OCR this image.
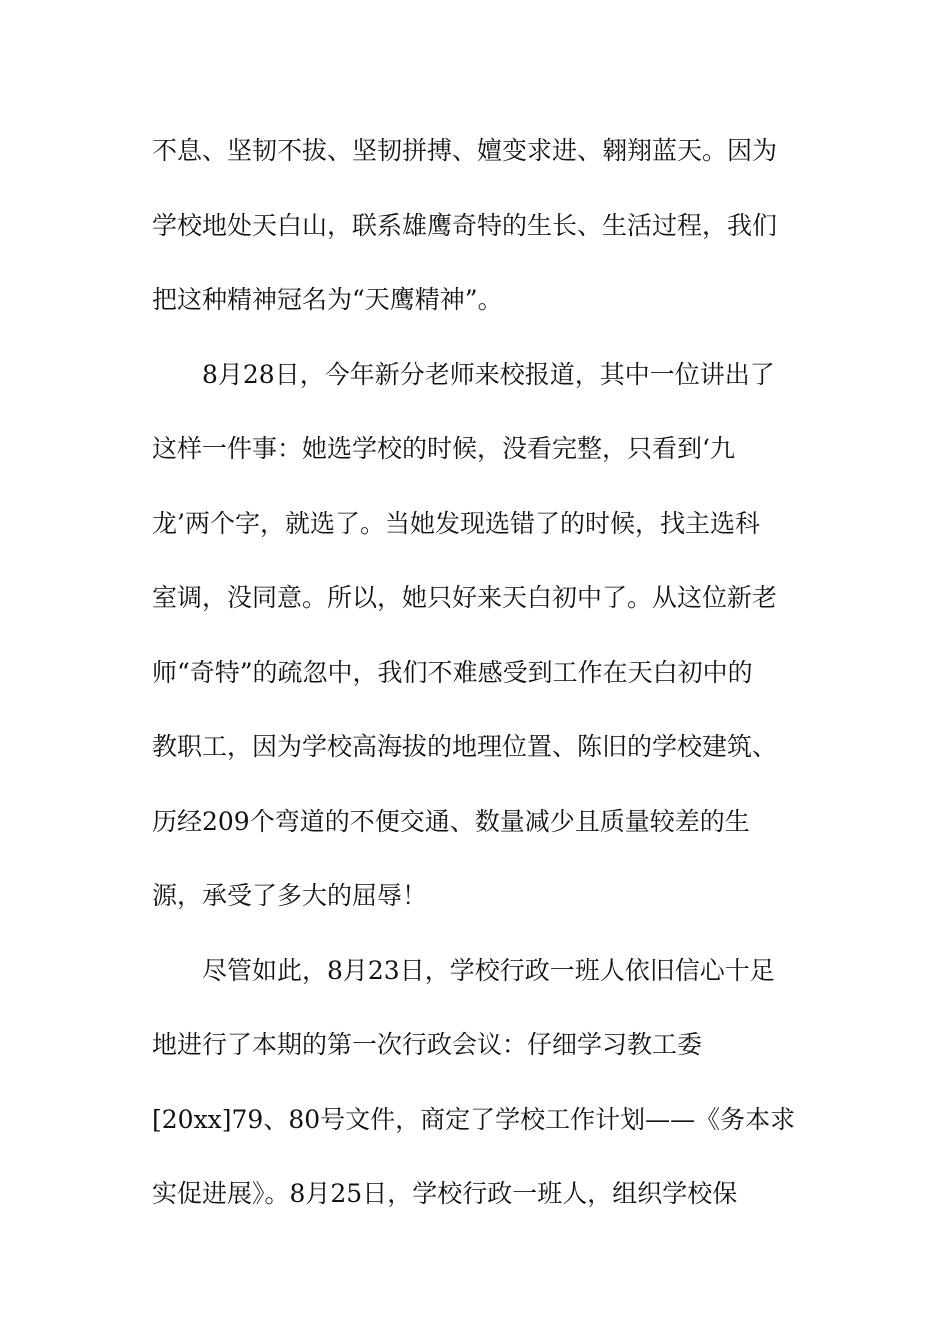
不息、坚韧不拔、坚韧拼搏、嬗变求进、翱翔蓝天。因为
学校地处天白山，联系雄鹰奇特的生长、生活过程，我们
把这种精神冠名为“天鹰精神”。
8月28日，今年新分老师来校报道，其中一位讲出了
这样一件事：她选学校的时候，没看完整，只看到‘九
龙’两个字，就选了。当她发现选错了的时候，找主选科
室调，没同意。所以，她只好来天白初中了。从这位新老
师“奇特”的疏忽中，我们不难感受到工作在天白初中的
教职工，因为学校高海拔的地理位置、陈旧的学校建筑、
历经209个弯道的不便交通、数量减少且质量较差的生
源，承受了多大的屈辱！
尽管如此，8月23日，学校行政一班人依旧信心十足
地进行了本期的第一次行政会议：仔细学习教工委
[20xx]79、80号文件，商定了学校工作计划——《务本求
实促进展》。8月25日，学校行政一班人，组织学校保
